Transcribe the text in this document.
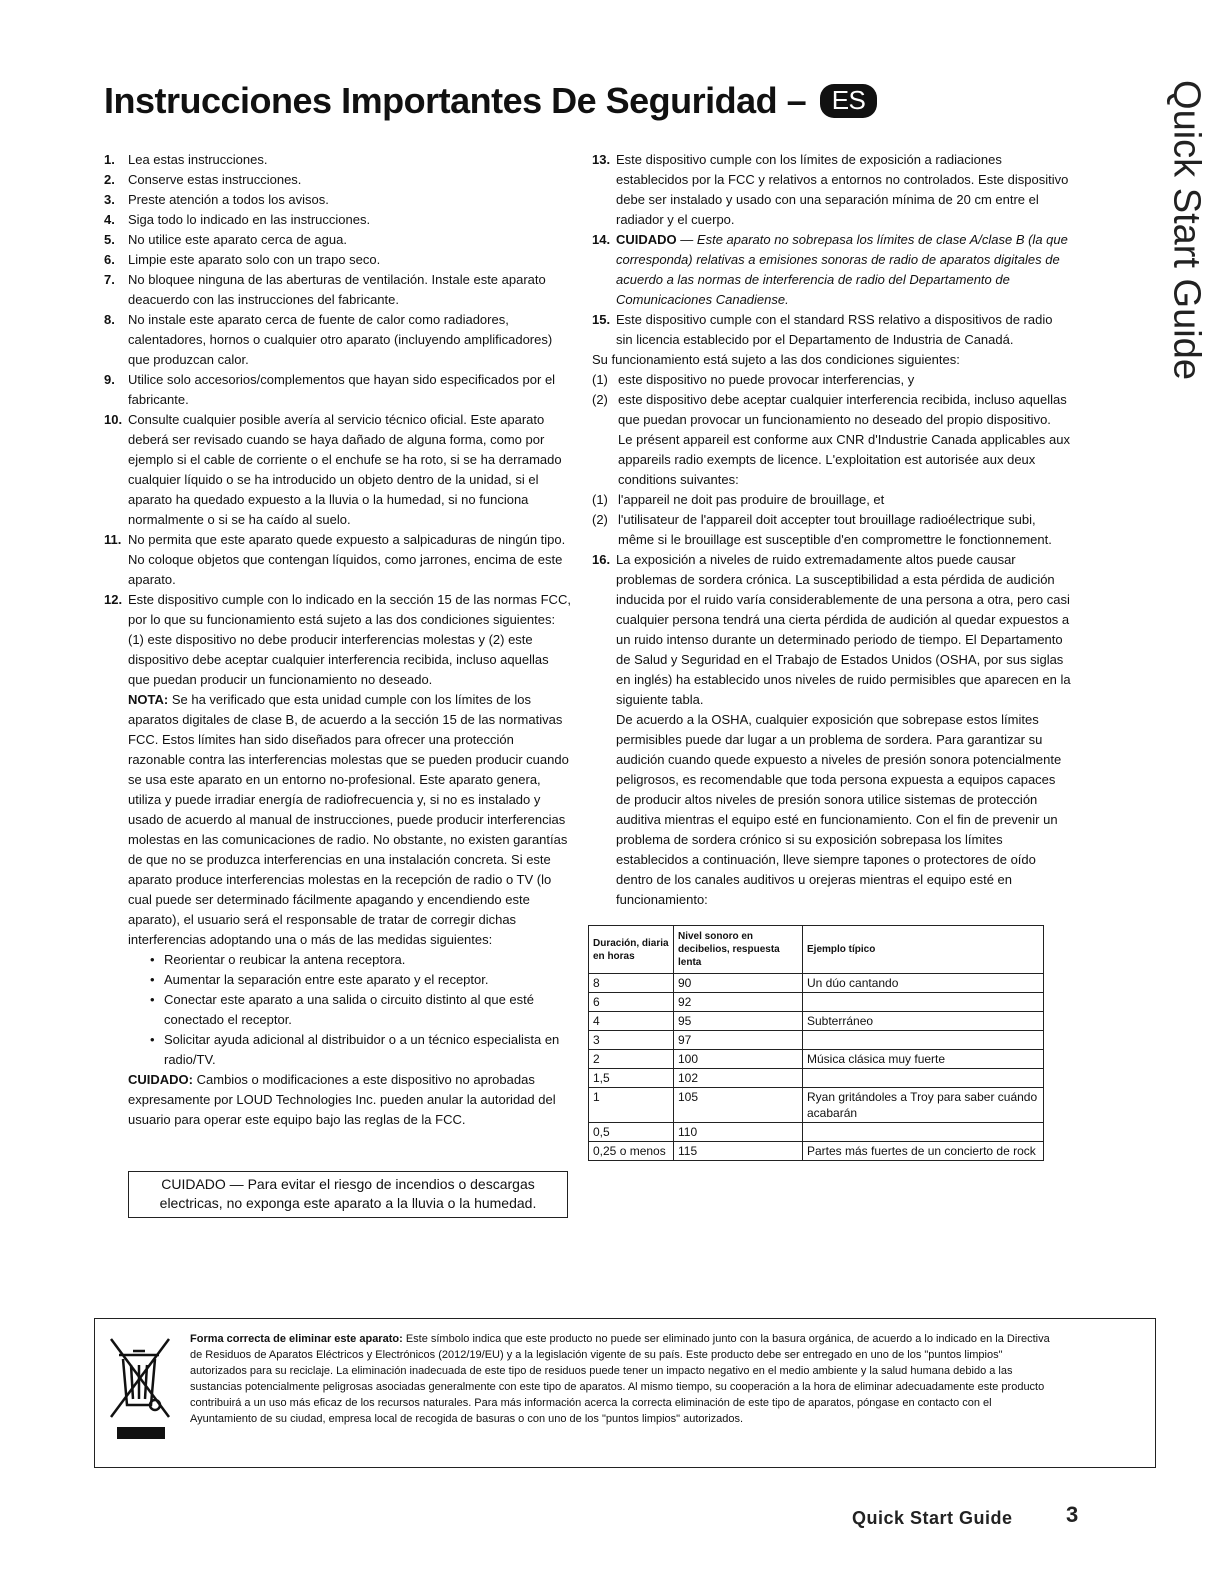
Instrucciones Importantes De Seguridad – ES	Quick Start Guide
1.	Lea estas instrucciones.
2.	Conserve estas instrucciones.
3.	Preste atención a todos los avisos.
4.	Siga todo lo indicado en las instrucciones.
5.	No utilice este aparato cerca de agua.
6.	Limpie este aparato solo con un trapo seco.
7.	No bloquee ninguna de las aberturas de ventilación. Instale este aparato deacuerdo con las instrucciones del fabricante.
8.	No instale este aparato cerca de fuente de calor como radiadores, calentadores, hornos o cualquier otro aparato (incluyendo amplificadores) que produzcan calor.
9.	Utilice solo accesorios/complementos que hayan sido especificados por el fabricante.
10. Consulte cualquier posible avería al servicio técnico oficial. Este aparato deberá ser revisado cuando se haya dañado de alguna forma, como por ejemplo si el cable de corriente o el enchufe se ha roto, si se ha derramado cualquier líquido o se ha introducido un objeto dentro de la unidad, si el aparato ha quedado expuesto a la lluvia o la humedad, si no funciona normalmente o si se ha caído al suelo.
11. No permita que este aparato quede expuesto a salpicaduras de ningún tipo. No coloque objetos que contengan líquidos, como jarrones, encima de este aparato.
12. Este dispositivo cumple con lo indicado en la sección 15 de las normas FCC, por lo que su funcionamiento está sujeto a las dos condiciones siguientes: (1) este dispositivo no debe producir interferencias molestas y (2) este dispositivo debe aceptar cualquier interferencia recibida, incluso aquellas que puedan producir un funcionamiento no deseado.

NOTA: Se ha verificado que esta unidad cumple con los límites de los aparatos digitales de clase B, de acuerdo a la sección 15 de las normativas FCC. Estos límites han sido diseñados para ofrecer una protección razonable contra las interferencias molestas que se pueden producir cuando se usa este aparato en un entorno no-profesional. Este aparato genera, utiliza y puede irradiar energía de radiofrecuencia y, si no es instalado y usado de acuerdo al manual de instrucciones, puede producir interferencias molestas en las comunicaciones de radio. No obstante, no existen garantías de que no se produzca interferencias en una instalación concreta. Si este aparato produce interferencias molestas en la recepción de radio o TV (lo cual puede ser determinado fácilmente apagando y encendiendo este aparato), el usuario será el responsable de tratar de corregir dichas interferencias adoptando una o más de las medidas siguientes:

• Reorientar o reubicar la antena receptora.
• Aumentar la separación entre este aparato y el receptor.
• Conectar este aparato a una salida o circuito distinto al que esté conectado el receptor.
• Solicitar ayuda adicional al distribuidor o a un técnico especialista en radio/TV.

CUIDADO: Cambios o modificaciones a este dispositivo no aprobadas expresamente por LOUD Technologies Inc. pueden anular la autoridad del usuario para operar este equipo bajo las reglas de la FCC.

CUIDADO — Para evitar el riesgo de incendios o descargas
electricas, no exponga este aparato a la lluvia o la humedad.
13. Este dispositivo cumple con los límites de exposición a radiaciones establecidos por la FCC y relativos a entornos no controlados. Este dispositivo debe ser instalado y usado con una separación mínima de 20 cm entre el radiador y el cuerpo.
14. CUIDADO — Este aparato no sobrepasa los límites de clase A/clase B (la que corresponda) relativas a emisiones sonoras de radio de aparatos digitales de acuerdo a las normas de interferencia de radio del Departamento de Comunicaciones Canadiense.
15. Este dispositivo cumple con el standard RSS relativo a dispositivos de radio sin licencia establecido por el Departamento de Industria de Canadá.

Su funcionamiento está sujeto a las dos condiciones siguientes:

(1) este dispositivo no puede provocar interferencias, y
(2) este dispositivo debe aceptar cualquier interferencia recibida, incluso aquellas que puedan provocar un funcionamiento no deseado del propio dispositivo.

Le présent appareil est conforme aux CNR d'Industrie Canada applicables aux appareils radio exempts de licence. L'exploitation est autorisée aux deux conditions suivantes:

(1) l'appareil ne doit pas produire de brouillage, et
(2) l'utilisateur de l'appareil doit accepter tout brouillage radioélectrique subi, même si le brouillage est susceptible d'en compromettre le fonctionnement.
16. La exposición a niveles de ruido extremadamente altos puede causar problemas de sordera crónica. La susceptibilidad a esta pérdida de audición inducida por el ruido varía considerablemente de una persona a otra, pero casi cualquier persona tendrá una cierta pérdida de audición al quedar expuestos a un ruido intenso durante un determinado periodo de tiempo. El Departamento de Salud y Seguridad en el Trabajo de Estados Unidos (OSHA, por sus siglas en inglés) ha establecido unos niveles de ruido permisibles que aparecen en la siguiente tabla.

De acuerdo a la OSHA, cualquier exposición que sobrepase estos límites permisibles puede dar lugar a un problema de sordera. Para garantizar su audición cuando quede expuesto a niveles de presión sonora potencialmente peligrosos, es recomendable que toda persona expuesta a equipos capaces de producir altos niveles de presión sonora utilice sistemas de protección auditiva mientras el equipo esté en funcionamiento. Con el fin de prevenir un problema de sordera crónico si su exposición sobrepasa los límites establecidos a continuación, lleve siempre tapones o protectores de oído dentro de los canales auditivos u orejeras mientras el equipo esté en funcionamiento:

Duración, diaria en horas	Nivel sonoro en decibelios, respuesta lenta	Ejemplo típico
8	90	Un dúo cantando
6	92	
4	95	Subterráneo
3	97	
2	100	Música clásica muy fuerte
1,5	102	
1	105	Ryan gritándoles a Troy para saber cuándo acabarán
0,5	110	
0,25 o menos	115	Partes más fuertes de un concierto de rock
Forma correcta de eliminar este aparato: Este símbolo indica que este producto no puede ser eliminado junto con la basura orgánica, de acuerdo a lo indicado en la Directiva de Residuos de Aparatos Eléctricos y Electrónicos (2012/19/EU) y a la legislación vigente de su país. Este producto debe ser entregado en uno de los "puntos limpios" autorizados para su reciclaje. La eliminación inadecuada de este tipo de residuos puede tener un impacto negativo en el medio ambiente y la salud humana debido a las sustancias potencialmente peligrosas asociadas generalmente con este tipo de aparatos. Al mismo tiempo, su cooperación a la hora de eliminar adecuadamente este producto contribuirá a un uso más eficaz de los recursos naturales. Para más información acerca la correcta eliminación de este tipo de aparatos, póngase en contacto con el Ayuntamiento de su ciudad, empresa local de recogida de basuras o con uno de los "puntos limpios" autorizados.
Quick Start Guide 3
